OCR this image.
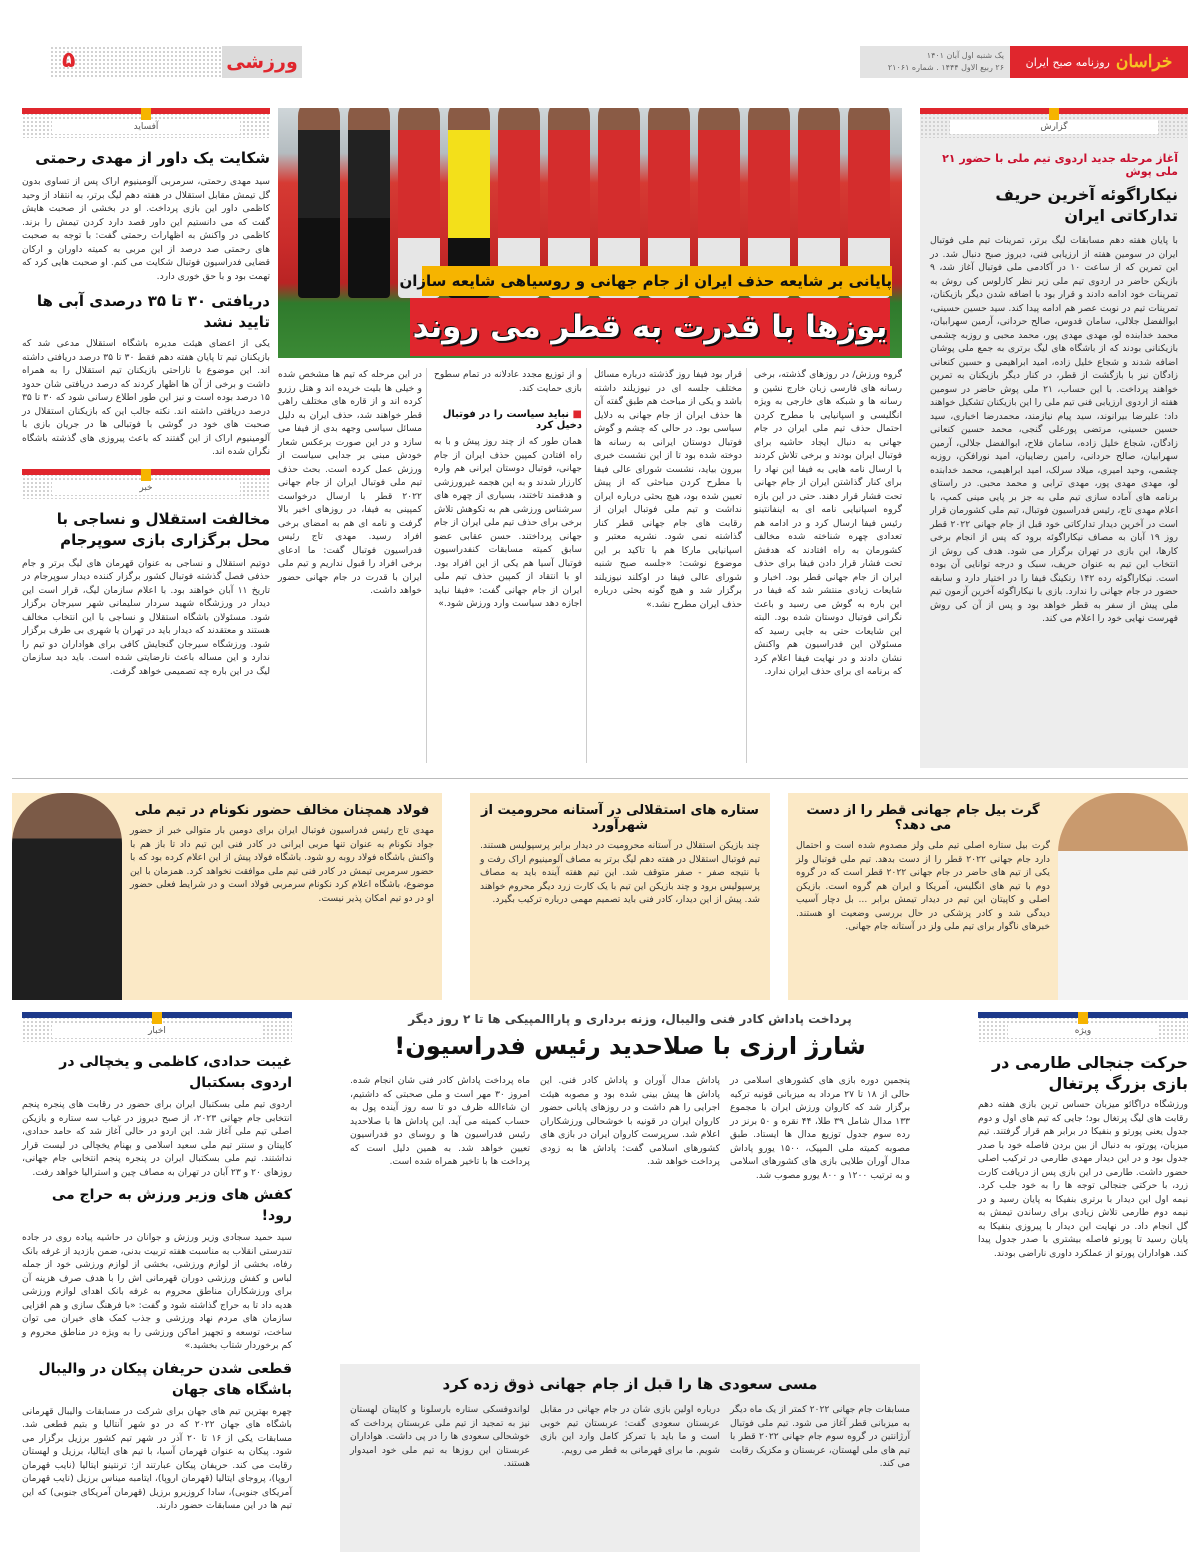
خراسان
روزنامه صبح ایران
یک شنبه اول آبان ۱۴۰۱
۲۶ ربیع الاول ۱۴۴۴ . شماره ۲۱۰۶۱
ورزشی
۵
گزارش
آغاز مرحله جدید اردوی تیم ملی با حضور ۲۱ ملی پوش
نیکاراگوئه آخرین حریف تدارکاتی ایران

با پایان هفته دهم مسابقات لیگ برتر، تمرینات تیم ملی فوتبال ایران در سومین هفته از ارزیابی فنی، دیروز صبح دنبال شد. در این تمرین که از ساعت ۱۰ در آکادمی ملی فوتبال آغاز شد، ۹ بازیکن حاضر در اردوی تیم ملی زیر نظر کارلوس کی روش به تمرینات خود ادامه دادند و قرار بود با اضافه شدن دیگر بازیکنان، تمرینات تیم در نوبت عصر هم ادامه پیدا کند. سید حسین حسینی، ابوالفضل جلالی، سامان قدوس، صالح حردانی، آرمین سهرابیان، محمد خدابنده لو، مهدی مهدی پور، محمد محبی و روزبه چشمی بازیکنانی بودند که از باشگاه های لیگ برتری به جمع ملی پوشان اضافه شدند و شجاع خلیل زاده، امید ابراهیمی و حسین کنعانی زادگان نیز با بازگشت از قطر، در کنار دیگر بازیکنان به تمرین خواهند پرداخت. با این حساب، ۲۱ ملی پوش حاضر در سومین هفته از اردوی ارزیابی فنی تیم ملی را این بازیکنان تشکیل خواهند داد: علیرضا بیرانوند، سید پیام نیازمند، محمدرضا اخباری، سید حسین حسینی، مرتضی پورعلی گنجی، محمد حسین کنعانی زادگان، شجاع خلیل زاده، سامان فلاح، ابوالفضل جلالی، آرمین سهرابیان، صالح حردانی، رامین رضاییان، امید نورافکن، روزبه چشمی، وحید امیری، میلاد سرلک، امید ابراهیمی، محمد خدابنده لو، مهدی مهدی پور، مهدی ترابی و محمد محبی. در راستای برنامه های آماده سازی تیم ملی به جز بر پایی مینی کمپ، با اعلام مهدی تاج، رئیس فدراسیون فوتبال، تیم ملی کشورمان قرار است در آخرین دیدار تدارکاتی خود قبل از جام جهانی ۲۰۲۲ قطر روز ۱۹ آبان به مصاف نیکاراگوئه برود که پس از انجام برخی کارها، این بازی در تهران برگزار می شود. هدف کی روش از انتخاب این تیم به عنوان حریف، سبک و درجه توانایی آن بوده است. نیکاراگوئه رده ۱۴۲ رنکینگ فیفا را در اختیار دارد و سابقه حضور در جام جهانی را ندارد. بازی با نیکاراگوئه آخرین آزمون تیم ملی پیش از سفر به قطر خواهد بود و پس از آن کی روش فهرست نهایی خود را اعلام می کند.

پایانی بر شایعه حذف ایران از جام جهانی و روسیاهی شایعه سازان
یوزها با قدرت به قطر می روند

گروه ورزش/ در روزهای گذشته، برخی رسانه های فارسی زبان خارج نشین و رسانه ها و شبکه های خارجی به ویژه انگلیسی و اسپانیایی با مطرح کردن احتمال حذف تیم ملی ایران در جام جهانی به دنبال ایجاد حاشیه برای فوتبال ایران بودند و برخی تلاش کردند با ارسال نامه هایی به فیفا این نهاد را برای کنار گذاشتن ایران از جام جهانی تحت فشار قرار دهند. حتی در این بازه گروه اسپانیایی نامه ای به اینفانتینو رئیس فیفا ارسال کرد و در ادامه هم تعدادی چهره شناخته شده مخالف کشورمان به راه افتادند که هدفش تحت فشار قرار دادن فیفا برای حذف ایران از جام جهانی قطر بود. اخبار و شایعات زیادی منتشر شد که فیفا در این باره به گوش می رسید و باعث نگرانی فوتبال دوستان شده بود. البته این شایعات حتی به جایی رسید که مسئولان این فدراسیون هم واکنش نشان دادند و در نهایت فیفا اعلام کرد که برنامه ای برای حذف ایران ندارد.

قرار بود فیفا روز گذشته درباره مسائل مختلف جلسه ای در نیوزیلند داشته باشد و یکی از مباحث هم طبق گفته آن ها حذف ایران از جام جهانی به دلایل سیاسی بود. در حالی که چشم و گوش فوتبال دوستان ایرانی به رسانه ها دوخته شده بود تا از این نشست خبری بیرون بیاید، نشست شورای عالی فیفا با مطرح کردن مباحثی که از پیش تعیین شده بود، هیچ بحثی درباره ایران نداشت و تیم ملی فوتبال ایران از رقابت های جام جهانی قطر کنار گذاشته نمی شود. نشریه معتبر و اسپانیایی مارکا هم با تاکید بر این موضوع نوشت: «جلسه صبح شنبه شورای عالی فیفا در اوکلند نیوزیلند برگزار شد و هیچ گونه بحثی درباره حذف ایران مطرح نشد.»

و از توزیع مجدد عادلانه در تمام سطوح بازی حمایت کند.

■ نباید سیاست را در فوتبال دخیل کرد

همان طور که از چند روز پیش و با به راه افتادن کمپین حذف ایران از جام جهانی، فوتبال دوستان ایرانی هم واره کارزار شدند و به این هجمه غیرورزشی و هدفمند تاختند، بسیاری از چهره های سرشناس ورزشی هم به تکوهش تلاش برخی برای حذف تیم ملی ایران از جام جهانی پرداختند. حسن عقابی عضو سابق کمیته مسابقات کنفدراسیون فوتبال آسیا هم یکی از این افراد بود. او با انتقاد از کمپین حذف تیم ملی ایران از جام جهانی گفت: «فیفا نباید اجازه دهد سیاست وارد ورزش شود.»

در این مرحله که تیم ها مشخص شده و خیلی ها بلیت خریده اند و هتل رزرو کرده اند و از قاره های مختلف راهی قطر خواهند شد، حذف ایران به دلیل مسائل سیاسی وجهه بدی از فیفا می سازد و در این صورت برعکس شعار خودش مبنی بر جدایی سیاست از ورزش عمل کرده است. بحث حذف تیم ملی فوتبال ایران از جام جهانی ۲۰۲۲ قطر با ارسال درخواست کمپینی به فیفا، در روزهای اخیر بالا گرفت و نامه ای هم به امضای برخی افراد رسید. مهدی تاج رئیس فدراسیون فوتبال گفت: ما ادعای برخی افراد را قبول نداریم و تیم ملی ایران با قدرت در جام جهانی حضور خواهد داشت.

آفساید
شکایت یک داور از مهدی رحمتی

سید مهدی رحمتی، سرمربی آلومینیوم اراک پس از تساوی بدون گل تیمش مقابل استقلال در هفته دهم لیگ برتر، به انتقاد از وحید کاظمی داور این بازی پرداخت. او در بخشی از صحبت هایش گفت که می دانستیم این داور قصد دارد کردن تیمش را بزند. کاظمی در واکنش به اظهارات رحمتی گفت: با توجه به صحبت های رحمتی صد درصد از این مربی به کمیته داوران و ارکان قضایی فدراسیون فوتبال شکایت می کنم. او صحبت هایی کرد که تهمت بود و با حق خوری دارد.

دریافتی ۳۰ تا ۳۵ درصدی آبی ها تایید نشد

یکی از اعضای هیئت مدیره باشگاه استقلال مدعی شد که بازیکنان تیم تا پایان هفته دهم فقط ۳۰ تا ۳۵ درصد دریافتی داشته اند. این موضوع با ناراحتی بازیکنان تیم استقلال را به همراه داشت و برخی از آن ها اظهار کردند که درصد دریافتی شان حدود ۱۵ درصد بوده است و نیز این طور اطلاع رسانی شود که ۳۰ تا ۳۵ درصد دریافتی داشته اند. نکته جالب این که بازیکنان استقلال در صحبت های خود در گوشی با فوتبالی ها در جریان بازی با آلومینیوم اراک از این گفتند که باعث پیروزی های گذشته باشگاه نگران شده اند.

خبر
مخالفت استقلال و نساجی با محل برگزاری بازی سوپرجام

دوتیم استقلال و نساجی به عنوان قهرمان های لیگ برتر و جام حذفی فصل گذشته فوتبال کشور برگزار کننده دیدار سوپرجام در تاریخ ۱۱ آبان خواهند بود. با اعلام سازمان لیگ، قرار است این دیدار در ورزشگاه شهید سردار سلیمانی شهر سیرجان برگزار شود. مسئولان باشگاه استقلال و نساجی با این انتخاب مخالف هستند و معتقدند که دیدار باید در تهران یا شهری بی طرف برگزار شود. ورزشگاه سیرجان گنجایش کافی برای هواداران دو تیم را ندارد و این مساله باعث نارضایتی شده است. باید دید سازمان لیگ در این باره چه تصمیمی خواهد گرفت.

گرت بیل جام جهانی قطر را از دست می دهد؟

گرت بیل ستاره اصلی تیم ملی ولز مصدوم شده است و احتمال دارد جام جهانی ۲۰۲۲ قطر را از دست بدهد. تیم ملی فوتبال ولز یکی از تیم های حاضر در جام جهانی ۲۰۲۲ قطر است که در گروه دوم با تیم های انگلیس، آمریکا و ایران هم گروه است. بازیکن اصلی و کاپیتان این تیم در دیدار تیمش برابر ... بل دچار آسیب دیدگی شد و کادر پزشکی در حال بررسی وضعیت او هستند. خبرهای ناگوار برای تیم ملی ولز در آستانه جام جهانی.

ستاره های استقلالی در آستانه محرومیت از شهرآورد

چند بازیکن استقلال در آستانه محرومیت در دیدار برابر پرسپولیس هستند. تیم فوتبال استقلال در هفته دهم لیگ برتر به مصاف آلومینیوم اراک رفت و با نتیجه صفر - صفر متوقف شد. این تیم هفته آینده باید به مصاف پرسپولیس برود و چند بازیکن این تیم با یک کارت زرد دیگر محروم خواهند شد. پیش از این دیدار، کادر فنی باید تصمیم مهمی درباره ترکیب بگیرد.

فولاد همچنان مخالف حضور نکونام در تیم ملی

مهدی تاج رئیس فدراسیون فوتبال ایران برای دومین بار متوالی خبر از حضور جواد نکونام به عنوان تنها مربی ایرانی در کادر فنی این تیم داد تا باز هم با واکنش باشگاه فولاد روبه رو شود. باشگاه فولاد پیش از این اعلام کرده بود که با حضور سرمربی تیمش در کادر فنی تیم ملی موافقت نخواهد کرد. همزمان با این موضوع، باشگاه اعلام کرد نکونام سرمربی فولاد است و در شرایط فعلی حضور او در دو تیم امکان پذیر نیست.

ویژه
حرکت جنجالی طارمی در بازی بزرگ پرتغال

ورزشگاه دراگائو میزبان حساس ترین بازی هفته دهم رقابت های لیگ پرتغال بود؛ جایی که تیم های اول و دوم جدول یعنی پورتو و بنفیکا در برابر هم قرار گرفتند. تیم میزبان، پورتو، به دنبال از بین بردن فاصله خود با صدر جدول بود و در این دیدار مهدی طارمی در ترکیب اصلی حضور داشت. طارمی در این بازی پس از دریافت کارت زرد، با حرکتی جنجالی توجه ها را به خود جلب کرد. نیمه اول این دیدار با برتری بنفیکا به پایان رسید و در نیمه دوم طارمی تلاش زیادی برای رساندن تیمش به گل انجام داد. در نهایت این دیدار با پیروزی بنفیکا به پایان رسید تا پورتو فاصله بیشتری با صدر جدول پیدا کند. هواداران پورتو از عملکرد داوری ناراضی بودند.

پرداخت پاداش کادر فنی والیبال، وزنه برداری و پاراالمپیکی ها تا ۲ روز دیگر
شارژ ارزی با صلاحدید رئیس فدراسیون!

پنجمین دوره بازی های کشورهای اسلامی در حالی از ۱۸ تا ۲۷ مرداد به میزبانی قونیه ترکیه برگزار شد که کاروان ورزش ایران با مجموع ۱۳۳ مدال شامل ۳۹ طلا، ۴۴ نقره و ۵۰ برنز در رده سوم جدول توزیع مدال ها ایستاد. طبق مصوبه کمیته ملی المپیک، ۱۵۰۰ یورو پاداش مدال آوران طلایی بازی های کشورهای اسلامی و به ترتیب ۱۲۰۰ و ۸۰۰ یورو مصوب شد.

پاداش مدال آوران و پاداش کادر فنی. این پاداش ها پیش بینی شده بود و مصوبه هیئت اجرایی را هم داشت و در روزهای پایانی حضور کاروان ایران در قونیه با خوشحالی ورزشکاران اعلام شد. سرپرست کاروان ایران در بازی های کشورهای اسلامی گفت: پاداش ها به زودی پرداخت خواهد شد.

ماه پرداخت پاداش کادر فنی شان انجام شده. امروز ۳۰ مهر است و ملی صحبتی که داشتیم، ان شاءالله ظرف دو تا سه روز آینده پول به حساب کمیته می آید. این پاداش ها با صلاحدید رئیس فدراسیون ها و روسای دو فدراسیون تعیین خواهد شد. به همین دلیل است که پرداخت ها با تاخیر همراه شده است.

مسی سعودی ها را قبل از جام جهانی ذوق زده کرد

مسابقات جام جهانی ۲۰۲۲ کمتر از یک ماه دیگر به میزبانی قطر آغاز می شود. تیم ملی فوتبال آرژانتین در گروه سوم جام جهانی ۲۰۲۲ قطر با تیم های ملی لهستان، عربستان و مکزیک رقابت می کند.

درباره اولین بازی شان در جام جهانی در مقابل عربستان سعودی گفت: عربستان تیم خوبی است و ما باید با تمرکز کامل وارد این بازی شویم. ما برای قهرمانی به قطر می رویم.

لواندوفسکی ستاره بارسلونا و کاپیتان لهستان نیز به تمجید از تیم ملی عربستان پرداخت که خوشحالی سعودی ها را در پی داشت. هواداران عربستان این روزها به تیم ملی خود امیدوار هستند.

اخبار
غیبت حدادی، کاظمی و یخچالی در اردوی بسکتبال

اردوی تیم ملی بسکتبال ایران برای حضور در رقابت های پنجره پنجم انتخابی جام جهانی ۲۰۲۳، از صبح دیروز در غیاب سه ستاره و بازیکن اصلی تیم ملی آغاز شد. این اردو در حالی آغاز شد که حامد حدادی، کاپیتان و سنتر تیم ملی سعید اسلامی و بهنام یخچالی در لیست قرار نداشتند. تیم ملی بسکتبال ایران در پنجره پنجم انتخابی جام جهانی، روزهای ۲۰ و ۲۳ آبان در تهران به مصاف چین و استرالیا خواهد رفت.

کفش های وزیر ورزش به حراج می رود!

سید حمید سجادی وزیر ورزش و جوانان در حاشیه پیاده روی در جاده تندرستی انقلاب به مناسبت هفته تربیت بدنی، ضمن بازدید از غرفه بانک رفاه، بخشی از لوازم ورزشی، بخشی از لوازم ورزشی خود از جمله لباس و کفش ورزشی دوران قهرمانی اش را با هدف صرف هزینه آن برای ورزشکاران مناطق محروم به غرفه بانک اهدای لوازم ورزشی هدیه داد تا به حراج گذاشته شود و گفت: «با فرهنگ سازی و هم افزایی سازمان های مردم نهاد ورزشی و جذب کمک های خیران می توان ساخت، توسعه و تجهیز اماکن ورزشی را به ویژه در مناطق محروم و کم برخوردار شتاب بخشید.»

قطعی شدن حریفان پیکان در والیبال باشگاه های جهان

چهره بهترین تیم های جهان برای شرکت در مسابقات والیبال قهرمانی باشگاه های جهان ۲۰۲۲ که در دو شهر آنتالیا و بتیم قطعی شد. مسابقات یکی از ۱۶ تا ۲۰ آذر در شهر تیم کشور برزیل برگزار می شود. پیکان به عنوان قهرمان آسیا، با تیم های ایتالیا، برزیل و لهستان رقابت می کند. حریفان پیکان عبارتند از: ترنتینو ایتالیا (نایب قهرمان اروپا)، پروجای ایتالیا (قهرمان اروپا)، ایتامبه میناس برزیل (نایب قهرمان آمریکای جنوبی)، سادا کروزیرو برزیل (قهرمان آمریکای جنوبی) که این تیم ها در این مسابقات حضور دارند.
